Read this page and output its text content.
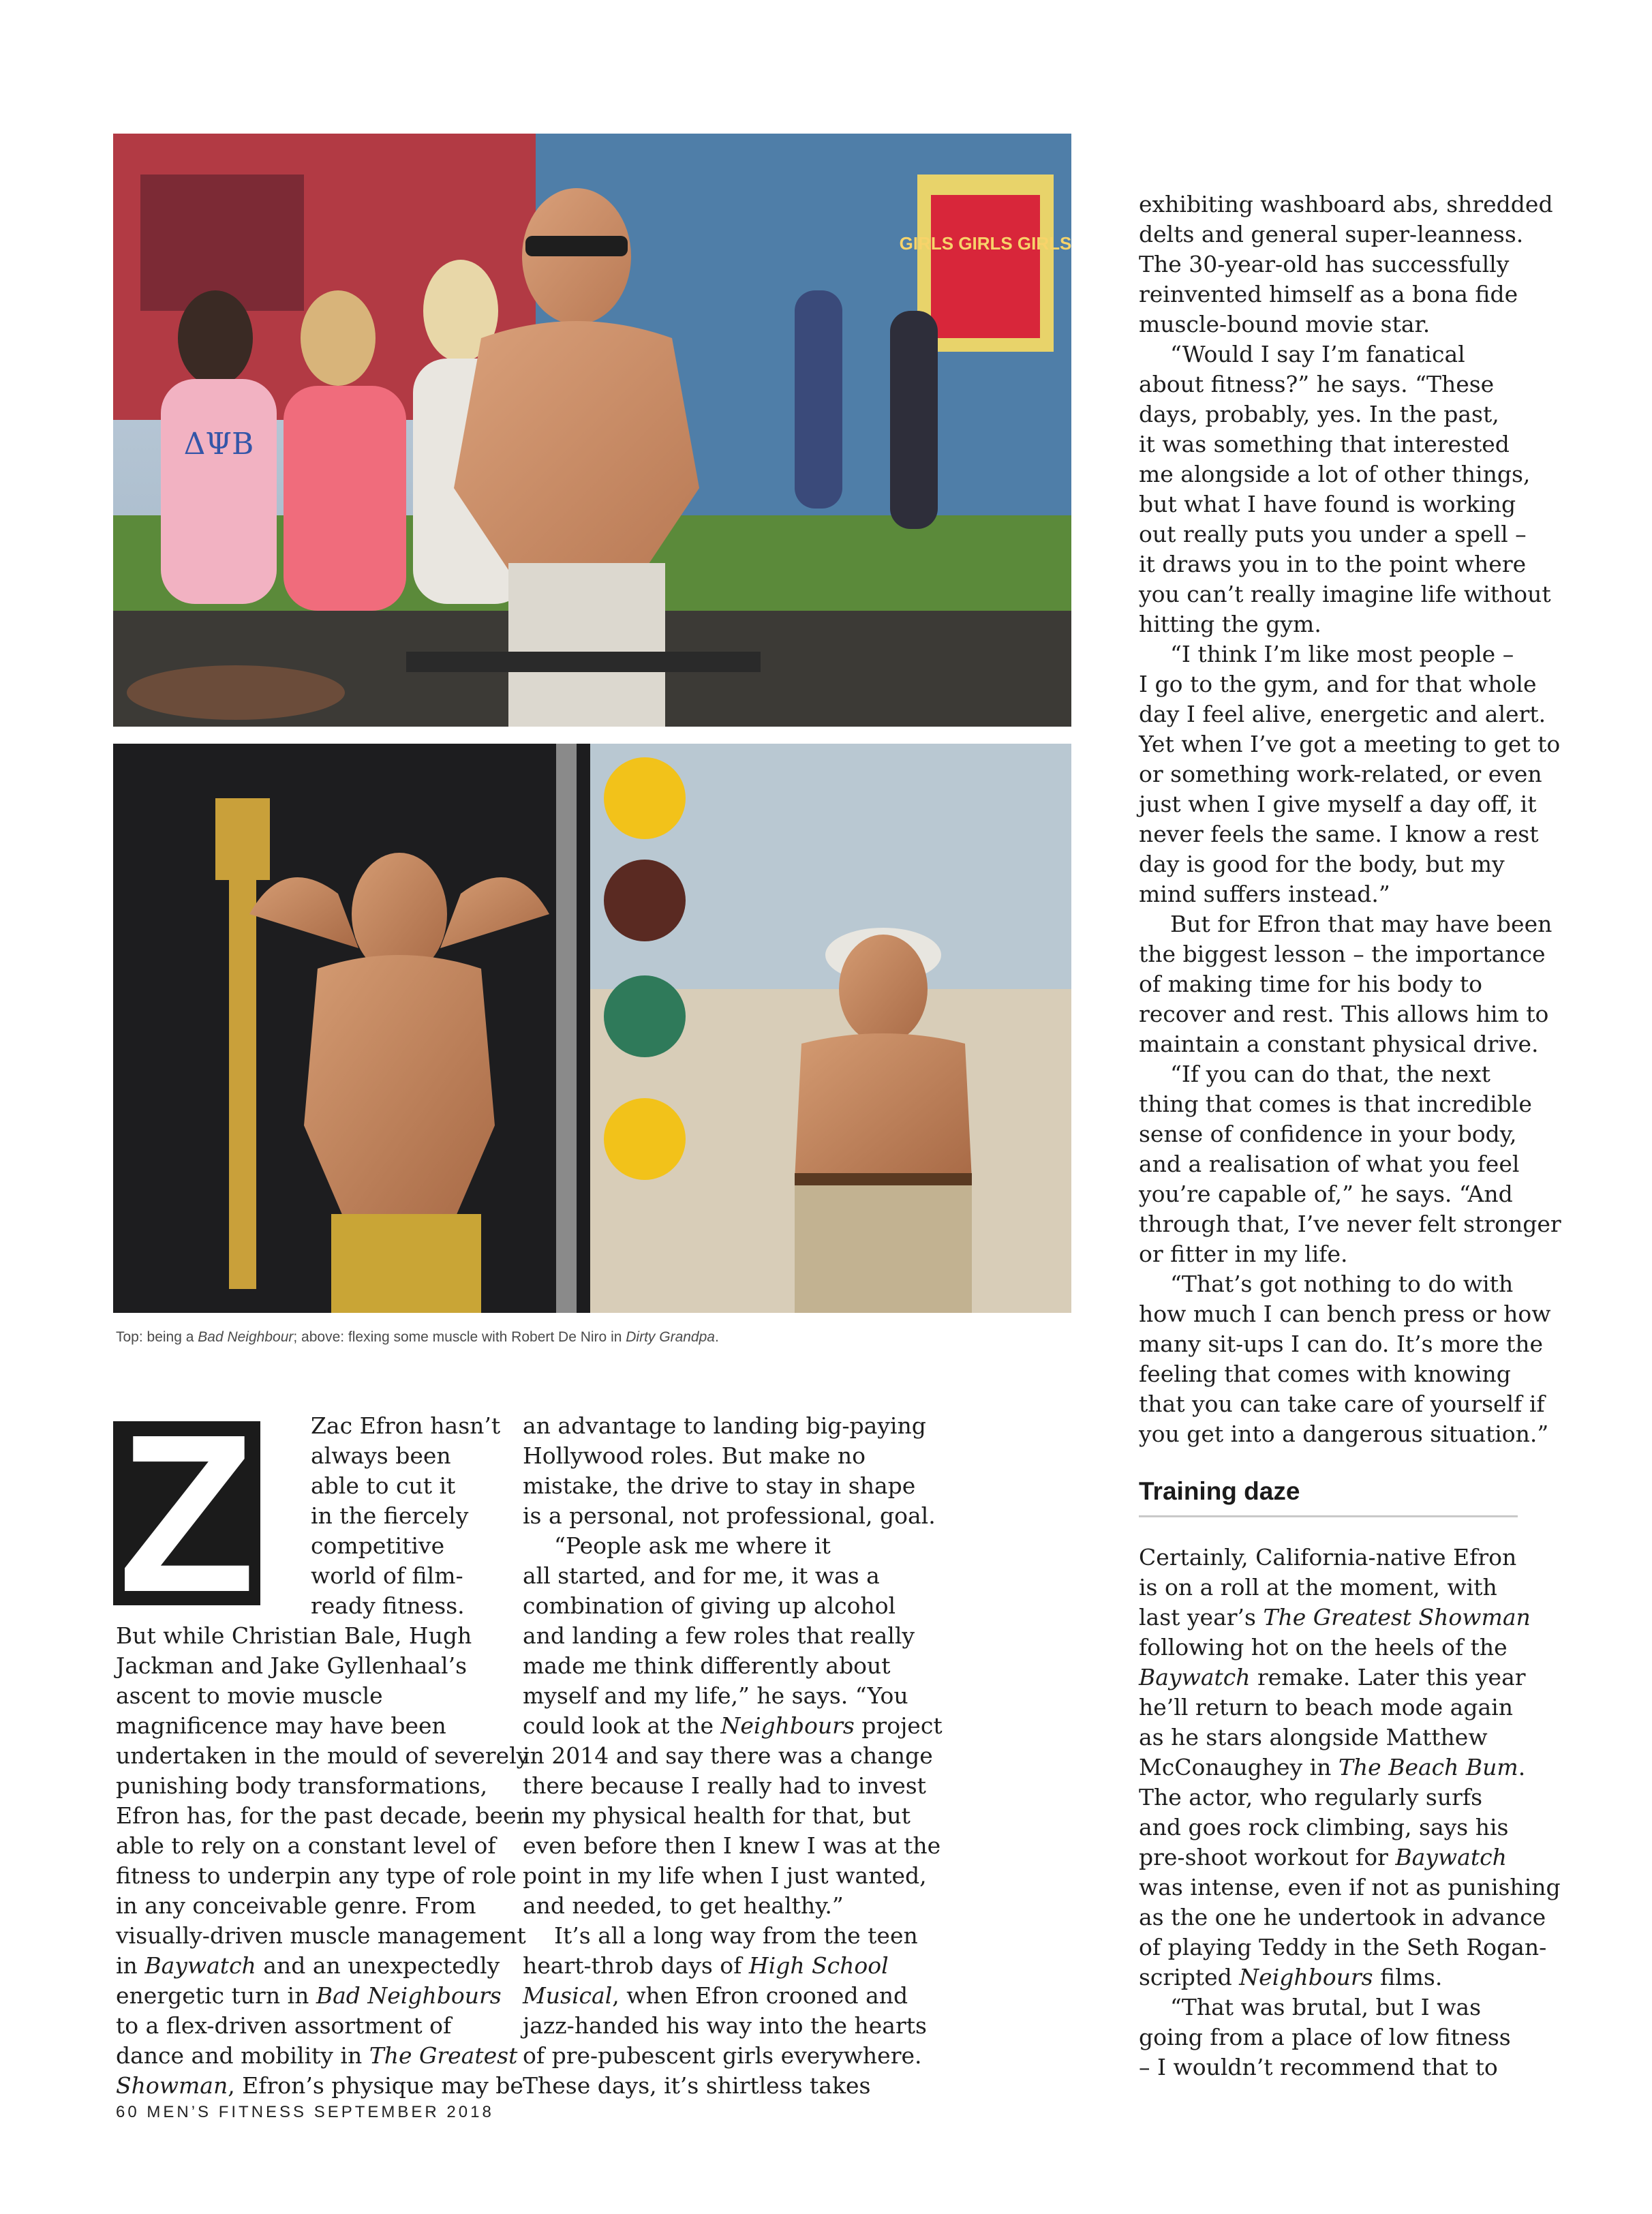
GIRLS GIRLS GIRLS
ΔΨB
Top: being a Bad Neighbour; above: flexing some muscle with Robert De Niro in Dirty Grandpa.
Z Zac Efron hasn’t
always been
able to cut it
in the fiercely
competitive
world of film-
ready fitness.
But while Christian Bale, Hugh
Jackman and Jake Gyllenhaal’s
ascent to movie muscle
magnificence may have been
undertaken in the mould of severely
punishing body transformations,
Efron has, for the past decade, been
able to rely on a constant level of
fitness to underpin any type of role
in any conceivable genre. From
visually-driven muscle management
in Baywatch and an unexpectedly
energetic turn in Bad Neighbours
to a flex-driven assortment of
dance and mobility in The Greatest
Showman, Efron’s physique may be
an advantage to landing big-paying
Hollywood roles. But make no
mistake, the drive to stay in shape
is a personal, not professional, goal.
“People ask me where it
all started, and for me, it was a
combination of giving up alcohol
and landing a few roles that really
made me think differently about
myself and my life,” he says. “You
could look at the Neighbours project
in 2014 and say there was a change
there because I really had to invest
in my physical health for that, but
even before then I knew I was at the
point in my life when I just wanted,
and needed, to get healthy.”
It’s all a long way from the teen
heart-throb days of High School
Musical, when Efron crooned and
jazz-handed his way into the hearts
of pre-pubescent girls everywhere.
These days, it’s shirtless takes
exhibiting washboard abs, shredded
delts and general super-leanness.
The 30-year-old has successfully
reinvented himself as a bona fide
muscle-bound movie star.
“Would I say I’m fanatical
about fitness?” he says. “These
days, probably, yes. In the past,
it was something that interested
me alongside a lot of other things,
but what I have found is working
out really puts you under a spell –
it draws you in to the point where
you can’t really imagine life without
hitting the gym.
“I think I’m like most people –
I go to the gym, and for that whole
day I feel alive, energetic and alert.
Yet when I’ve got a meeting to get to
or something work-related, or even
just when I give myself a day off, it
never feels the same. I know a rest
day is good for the body, but my
mind suffers instead.”
But for Efron that may have been
the biggest lesson – the importance
of making time for his body to
recover and rest. This allows him to
maintain a constant physical drive.
“If you can do that, the next
thing that comes is that incredible
sense of confidence in your body,
and a realisation of what you feel
you’re capable of,” he says. “And
through that, I’ve never felt stronger
or fitter in my life.
“That’s got nothing to do with
how much I can bench press or how
many sit-ups I can do. It’s more the
feeling that comes with knowing
that you can take care of yourself if
you get into a dangerous situation.”
Training daze
Certainly, California-native Efron
is on a roll at the moment, with
last year’s The Greatest Showman
following hot on the heels of the
Baywatch remake. Later this year
he’ll return to beach mode again
as he stars alongside Matthew
McConaughey in The Beach Bum.
The actor, who regularly surfs
and goes rock climbing, says his
pre-shoot workout for Baywatch
was intense, even if not as punishing
as the one he undertook in advance
of playing Teddy in the Seth Rogan-
scripted Neighbours films.
“That was brutal, but I was
going from a place of low fitness
– I wouldn’t recommend that to
60 MEN’S FITNESS SEPTEMBER 2018
